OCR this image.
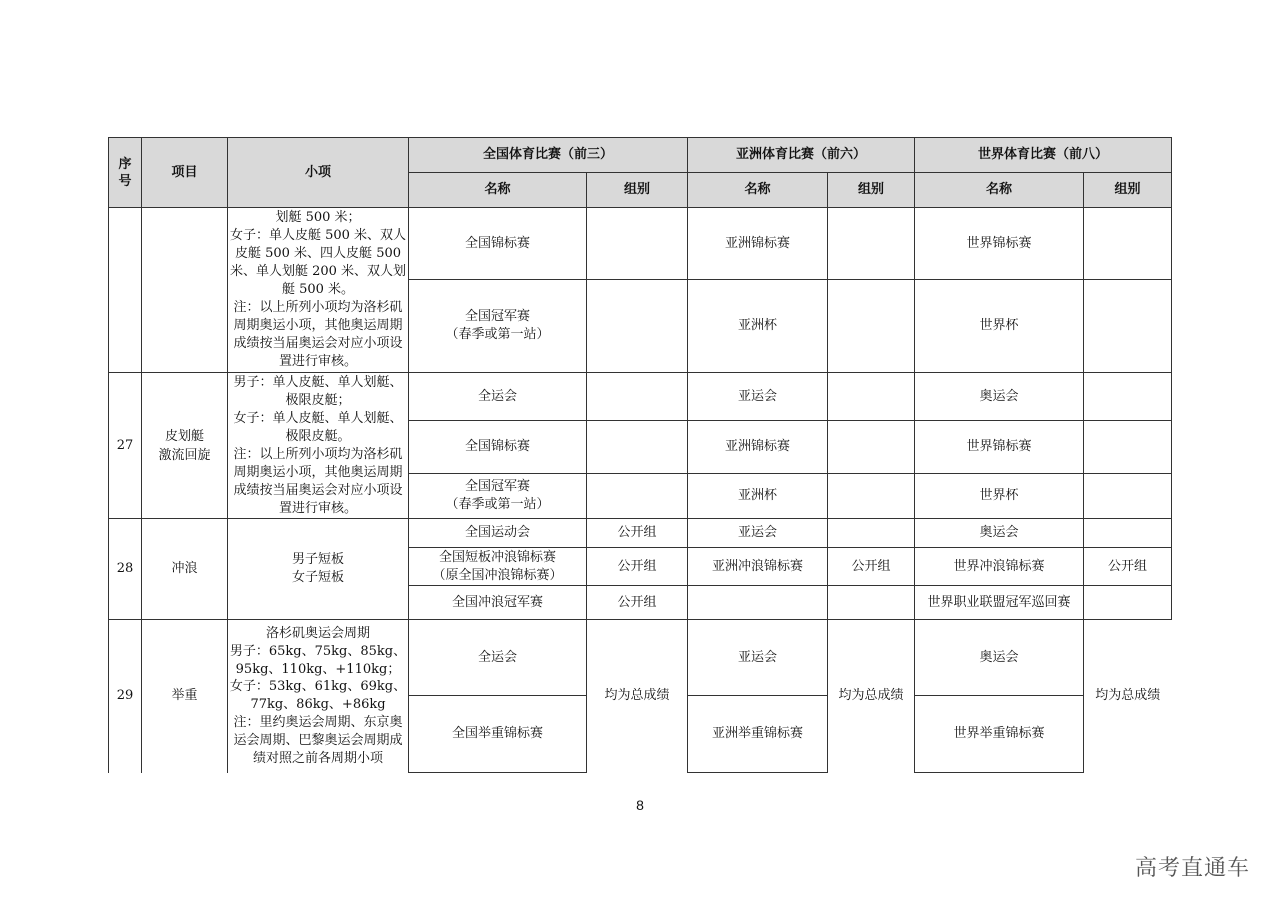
序
号	项目	小项	全国体育比赛（前三）		亚洲体育比赛（前六）		世界体育比赛（前八）	
			名称	组别	名称	组别	名称	组别
		划艇 500 米；
女子：单人皮艇 500 米、双人皮艇 500 米、四人皮艇 500 米、单人划艇 200 米、双人划艇 500 米。
注：以上所列小项均为洛杉矶周期奥运小项，其他奥运周期成绩按当届奥运会对应小项设置进行审核。	全国锦标赛		亚洲锦标赛		世界锦标赛	
			全国冠军赛
（春季或第一站）		亚洲杯		世界杯	
27	皮划艇
激流回旋	男子：单人皮艇、单人划艇、极限皮艇；
女子：单人皮艇、单人划艇、极限皮艇。
注：以上所列小项均为洛杉矶周期奥运小项，其他奥运周期成绩按当届奥运会对应小项设置进行审核。	全运会		亚运会		奥运会	
			全国锦标赛		亚洲锦标赛		世界锦标赛	
			全国冠军赛
（春季或第一站）		亚洲杯		世界杯	
28	冲浪	男子短板
女子短板	全国运动会	公开组	亚运会		奥运会	
			全国短板冲浪锦标赛
（原全国冲浪锦标赛）	公开组	亚洲冲浪锦标赛	公开组	世界冲浪锦标赛	公开组
			全国冲浪冠军赛	公开组			世界职业联盟冠军巡回赛	
29	举重	洛杉矶奥运会周期
男子：65kg、75kg、85kg、95kg、110kg、+110kg；
女子：53kg、61kg、69kg、77kg、86kg、+86kg
注：里约奥运会周期、东京奥运会周期、巴黎奥运会周期成绩对照之前各周期小项	全运会	均为总成绩	亚运会	均为总成绩	奥运会	均为总成绩
			全国举重锦标赛		亚洲举重锦标赛		世界举重锦标赛	
8
高考直通车
